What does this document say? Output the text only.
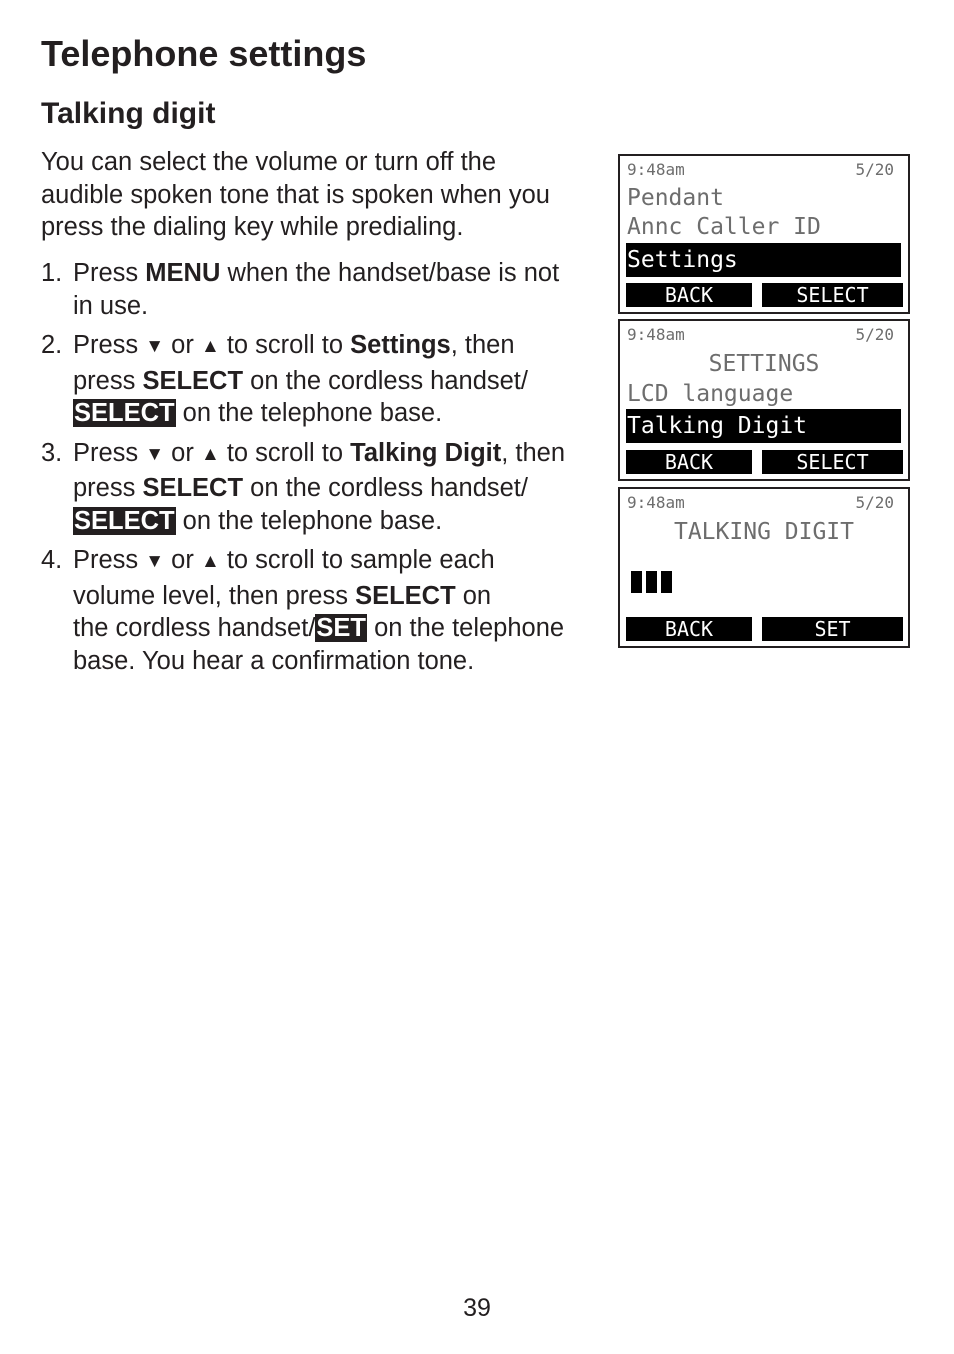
Telephone settings
Talking digit

You can select the volume or turn off the
audible spoken tone that is spoken when you
press the dialing key while predialing.

1. Press MENU when the handset/base is not
in use.
2. Press ▼ or ▲ to scroll to Settings, then
press SELECT on the cordless handset/
SELECT on the telephone base.
3. Press ▼ or ▲ to scroll to Talking Digit, then
press SELECT on the cordless handset/
SELECT on the telephone base.
4. Press ▼ or ▲ to scroll to sample each
volume level, then press SELECT on
the cordless handset/SET on the telephone
base. You hear a confirmation tone.
9:48am	5/20
Pendant
Annc Caller ID
Settings
BACK	SELECT
9:48am	5/20
SETTINGS
LCD language
Talking Digit
BACK	SELECT
9:48am	5/20
TALKING DIGIT
BACK	SET
39
